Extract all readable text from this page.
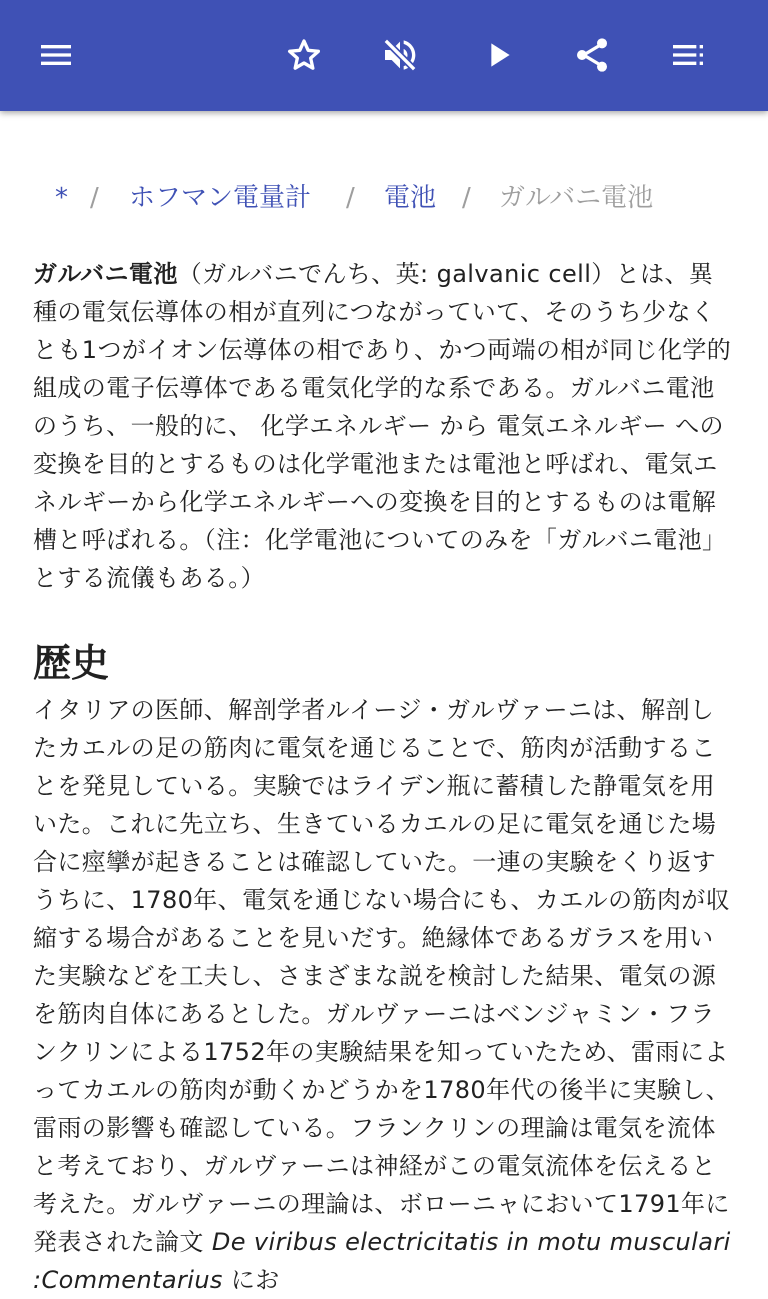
* / ホフマン電量計 / 電池 / ガルバニ電池

ガルバニ電池（ガルバニでんち、英: galvanic cell）とは、異種の電気伝導体の相が直列につながっていて、そのうち少なくとも1つがイオン伝導体の相であり、かつ両端の相が同じ化学的組成の電子伝導体である電気化学的な系である。ガルバニ電池のうち、一般的に、 化学エネルギー から 電気エネルギー への変換を目的とするものは化学電池または電池と呼ばれ、電気エネルギーから化学エネルギーへの変換を目的とするものは電解槽と呼ばれる。（注：化学電池についてのみを「ガルバニ電池」とする流儀もある。）

歴史

イタリアの医師、解剖学者ルイージ・ガルヴァーニは、解剖したカエルの足の筋肉に電気を通じることで、筋肉が活動することを発見している。実験ではライデン瓶に蓄積した静電気を用いた。これに先立ち、生きているカエルの足に電気を通じた場合に痙攣が起きることは確認していた。一連の実験をくり返すうちに、1780年、電気を通じない場合にも、カエルの筋肉が収縮する場合があることを見いだす。絶縁体であるガラスを用いた実験などを工夫し、さまざまな説を検討した結果、電気の源を筋肉自体にあるとした。ガルヴァーニはベンジャミン・フランクリンによる1752年の実験結果を知っていたため、雷雨によってカエルの筋肉が動くかどうかを1780年代の後半に実験し、雷雨の影響も確認している。フランクリンの理論は電気を流体と考えており、ガルヴァーニは神経がこの電気流体を伝えると考えた。ガルヴァーニの理論は、ボローニャにおいて1791年に発表された論文 De viribus electricitatis in motu musculari :Commentarius にお
